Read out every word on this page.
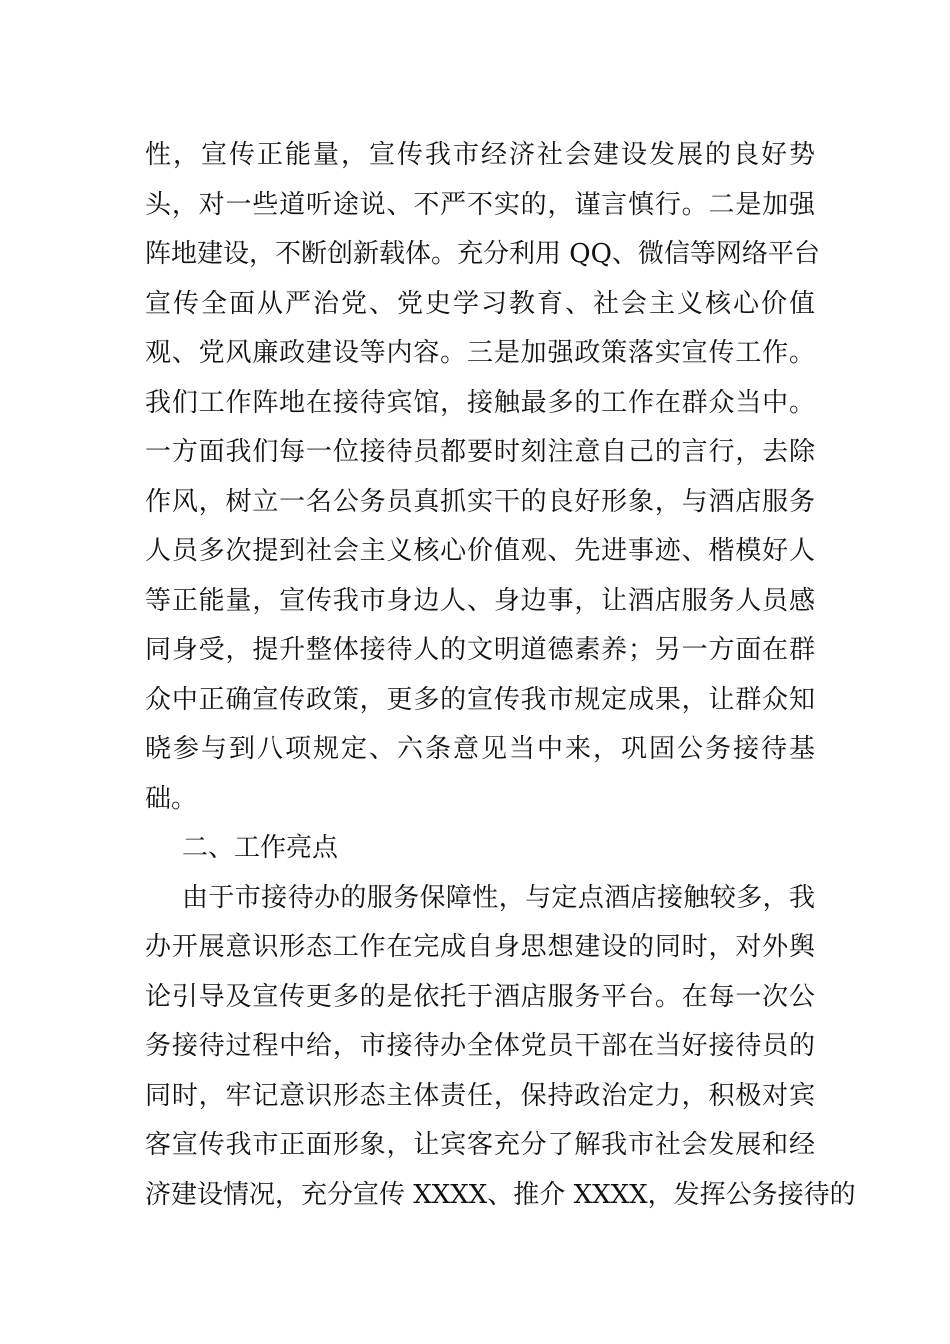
性，宣传正能量，宣传我市经济社会建设发展的良好势
头，对一些道听途说、不严不实的，谨言慎行。二是加强
阵地建设，不断创新载体。充分利用 QQ、微信等网络平台
宣传全面从严治党、党史学习教育、社会主义核心价值
观、党风廉政建设等内容。三是加强政策落实宣传工作。
我们工作阵地在接待宾馆，接触最多的工作在群众当中。
一方面我们每一位接待员都要时刻注意自己的言行，去除
作风，树立一名公务员真抓实干的良好形象，与酒店服务
人员多次提到社会主义核心价值观、先进事迹、楷模好人
等正能量，宣传我市身边人、身边事，让酒店服务人员感
同身受，提升整体接待人的文明道德素养；另一方面在群
众中正确宣传政策，更多的宣传我市规定成果，让群众知
晓参与到八项规定、六条意见当中来，巩固公务接待基
础。
二、工作亮点
由于市接待办的服务保障性，与定点酒店接触较多，我
办开展意识形态工作在完成自身思想建设的同时，对外舆
论引导及宣传更多的是依托于酒店服务平台。在每一次公
务接待过程中给，市接待办全体党员干部在当好接待员的
同时，牢记意识形态主体责任，保持政治定力，积极对宾
客宣传我市正面形象，让宾客充分了解我市社会发展和经
济建设情况，充分宣传 XXXX、推介 XXXX，发挥公务接待的
